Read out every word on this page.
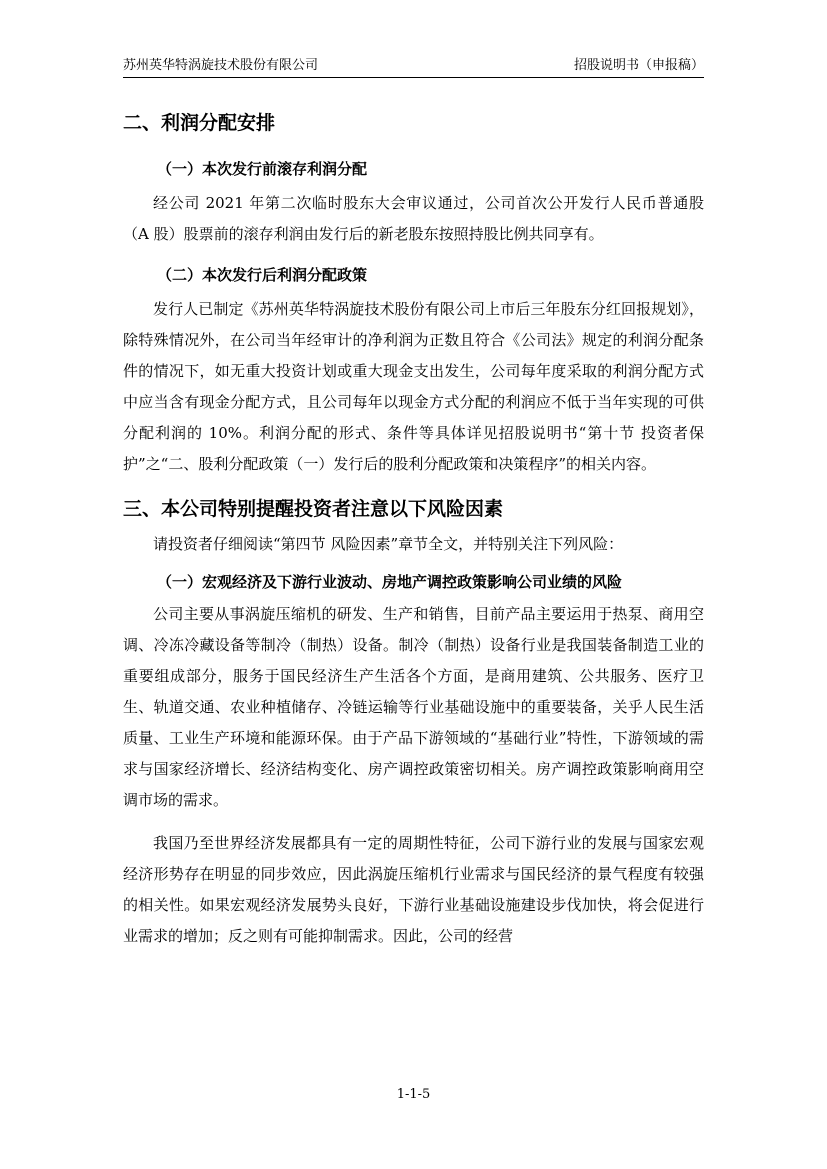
苏州英华特涡旋技术股份有限公司	招股说明书（申报稿）
二、利润分配安排
（一）本次发行前滚存利润分配

经公司 2021 年第二次临时股东大会审议通过，公司首次公开发行人民币普通股（A 股）股票前的滚存利润由发行后的新老股东按照持股比例共同享有。

（二）本次发行后利润分配政策

发行人已制定《苏州英华特涡旋技术股份有限公司上市后三年股东分红回报规划》，除特殊情况外，在公司当年经审计的净利润为正数且符合《公司法》规定的利润分配条件的情况下，如无重大投资计划或重大现金支出发生，公司每年度采取的利润分配方式中应当含有现金分配方式，且公司每年以现金方式分配的利润应不低于当年实现的可供分配利润的 10%。利润分配的形式、条件等具体详见招股说明书“第十节 投资者保护”之“二、股利分配政策（一）发行后的股利分配政策和决策程序”的相关内容。

三、本公司特别提醒投资者注意以下风险因素

请投资者仔细阅读“第四节 风险因素”章节全文，并特别关注下列风险：

（一）宏观经济及下游行业波动、房地产调控政策影响公司业绩的风险

公司主要从事涡旋压缩机的研发、生产和销售，目前产品主要运用于热泵、商用空调、冷冻冷藏设备等制冷（制热）设备。制冷（制热）设备行业是我国装备制造工业的重要组成部分，服务于国民经济生产生活各个方面，是商用建筑、公共服务、医疗卫生、轨道交通、农业种植储存、冷链运输等行业基础设施中的重要装备，关乎人民生活质量、工业生产环境和能源环保。由于产品下游领域的“基础行业”特性，下游领域的需求与国家经济增长、经济结构变化、房产调控政策密切相关。房产调控政策影响商用空调市场的需求。

我国乃至世界经济发展都具有一定的周期性特征，公司下游行业的发展与国家宏观经济形势存在明显的同步效应，因此涡旋压缩机行业需求与国民经济的景气程度有较强的相关性。如果宏观经济发展势头良好，下游行业基础设施建设步伐加快，将会促进行业需求的增加；反之则有可能抑制需求。因此，公司的经营

1-1-5
